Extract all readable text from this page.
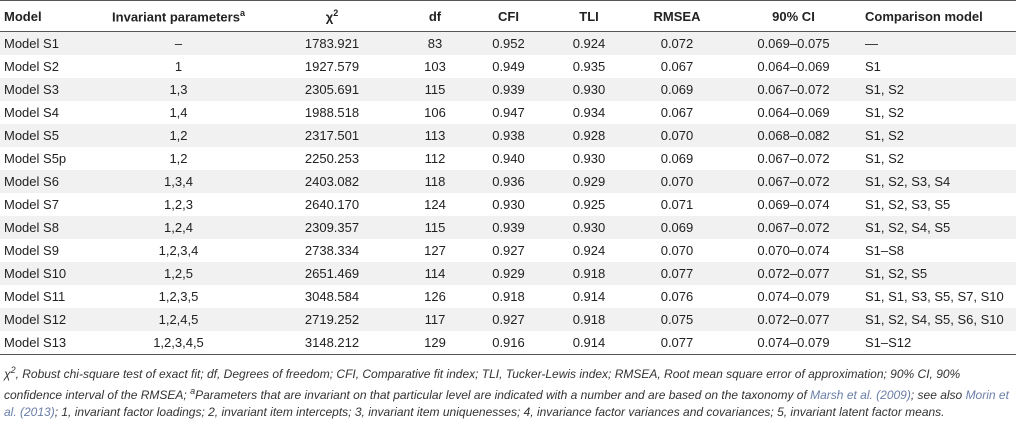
Model	Invariant parameters$^a$	$\chi^2$	df	CFI	TLI	RMSEA	90% CI	Comparison model
Model S1	–	1783.921	83	0.952	0.924	0.072	0.069–0.075	—
Model S2	1	1927.579	103	0.949	0.935	0.067	0.064–0.069	S1
Model S3	1,3	2305.691	115	0.939	0.930	0.069	0.067–0.072	S1, S2
Model S4	1,4	1988.518	106	0.947	0.934	0.067	0.064–0.069	S1, S2
Model S5	1,2	2317.501	113	0.938	0.928	0.070	0.068–0.082	S1, S2
Model S5p	1,2	2250.253	112	0.940	0.930	0.069	0.067–0.072	S1, S2
Model S6	1,3,4	2403.082	118	0.936	0.929	0.070	0.067–0.072	S1, S2, S3, S4
Model S7	1,2,3	2640.170	124	0.930	0.925	0.071	0.069–0.074	S1, S2, S3, S5
Model S8	1,2,4	2309.357	115	0.939	0.930	0.069	0.067–0.072	S1, S2, S4, S5
Model S9	1,2,3,4	2738.334	127	0.927	0.924	0.070	0.070–0.074	S1–S8
Model S10	1,2,5	2651.469	114	0.929	0.918	0.077	0.072–0.077	S1, S2, S5
Model S11	1,2,3,5	3048.584	126	0.918	0.914	0.076	0.074–0.079	S1, S1, S3, S5, S7, S10
Model S12	1,2,4,5	2719.252	117	0.927	0.918	0.075	0.072–0.077	S1, S2, S4, S5, S6, S10
Model S13	1,2,3,4,5	3148.212	129	0.916	0.914	0.077	0.074–0.079	S1–S12
$\chi^2$, Robust chi-square test of exact fit; df, Degrees of freedom; CFI, Comparative fit index; TLI, Tucker-Lewis index; RMSEA, Root mean square error of approximation; 90% CI, 90% confidence interval of the RMSEA; $^a$Parameters that are invariant on that particular level are indicated with a number and are based on the taxonomy of Marsh et al. (2009); see also Morin et al. (2013); 1, invariant factor loadings; 2, invariant item intercepts; 3, invariant item uniquenesses; 4, invariance factor variances and covariances; 5, invariant latent factor means.
